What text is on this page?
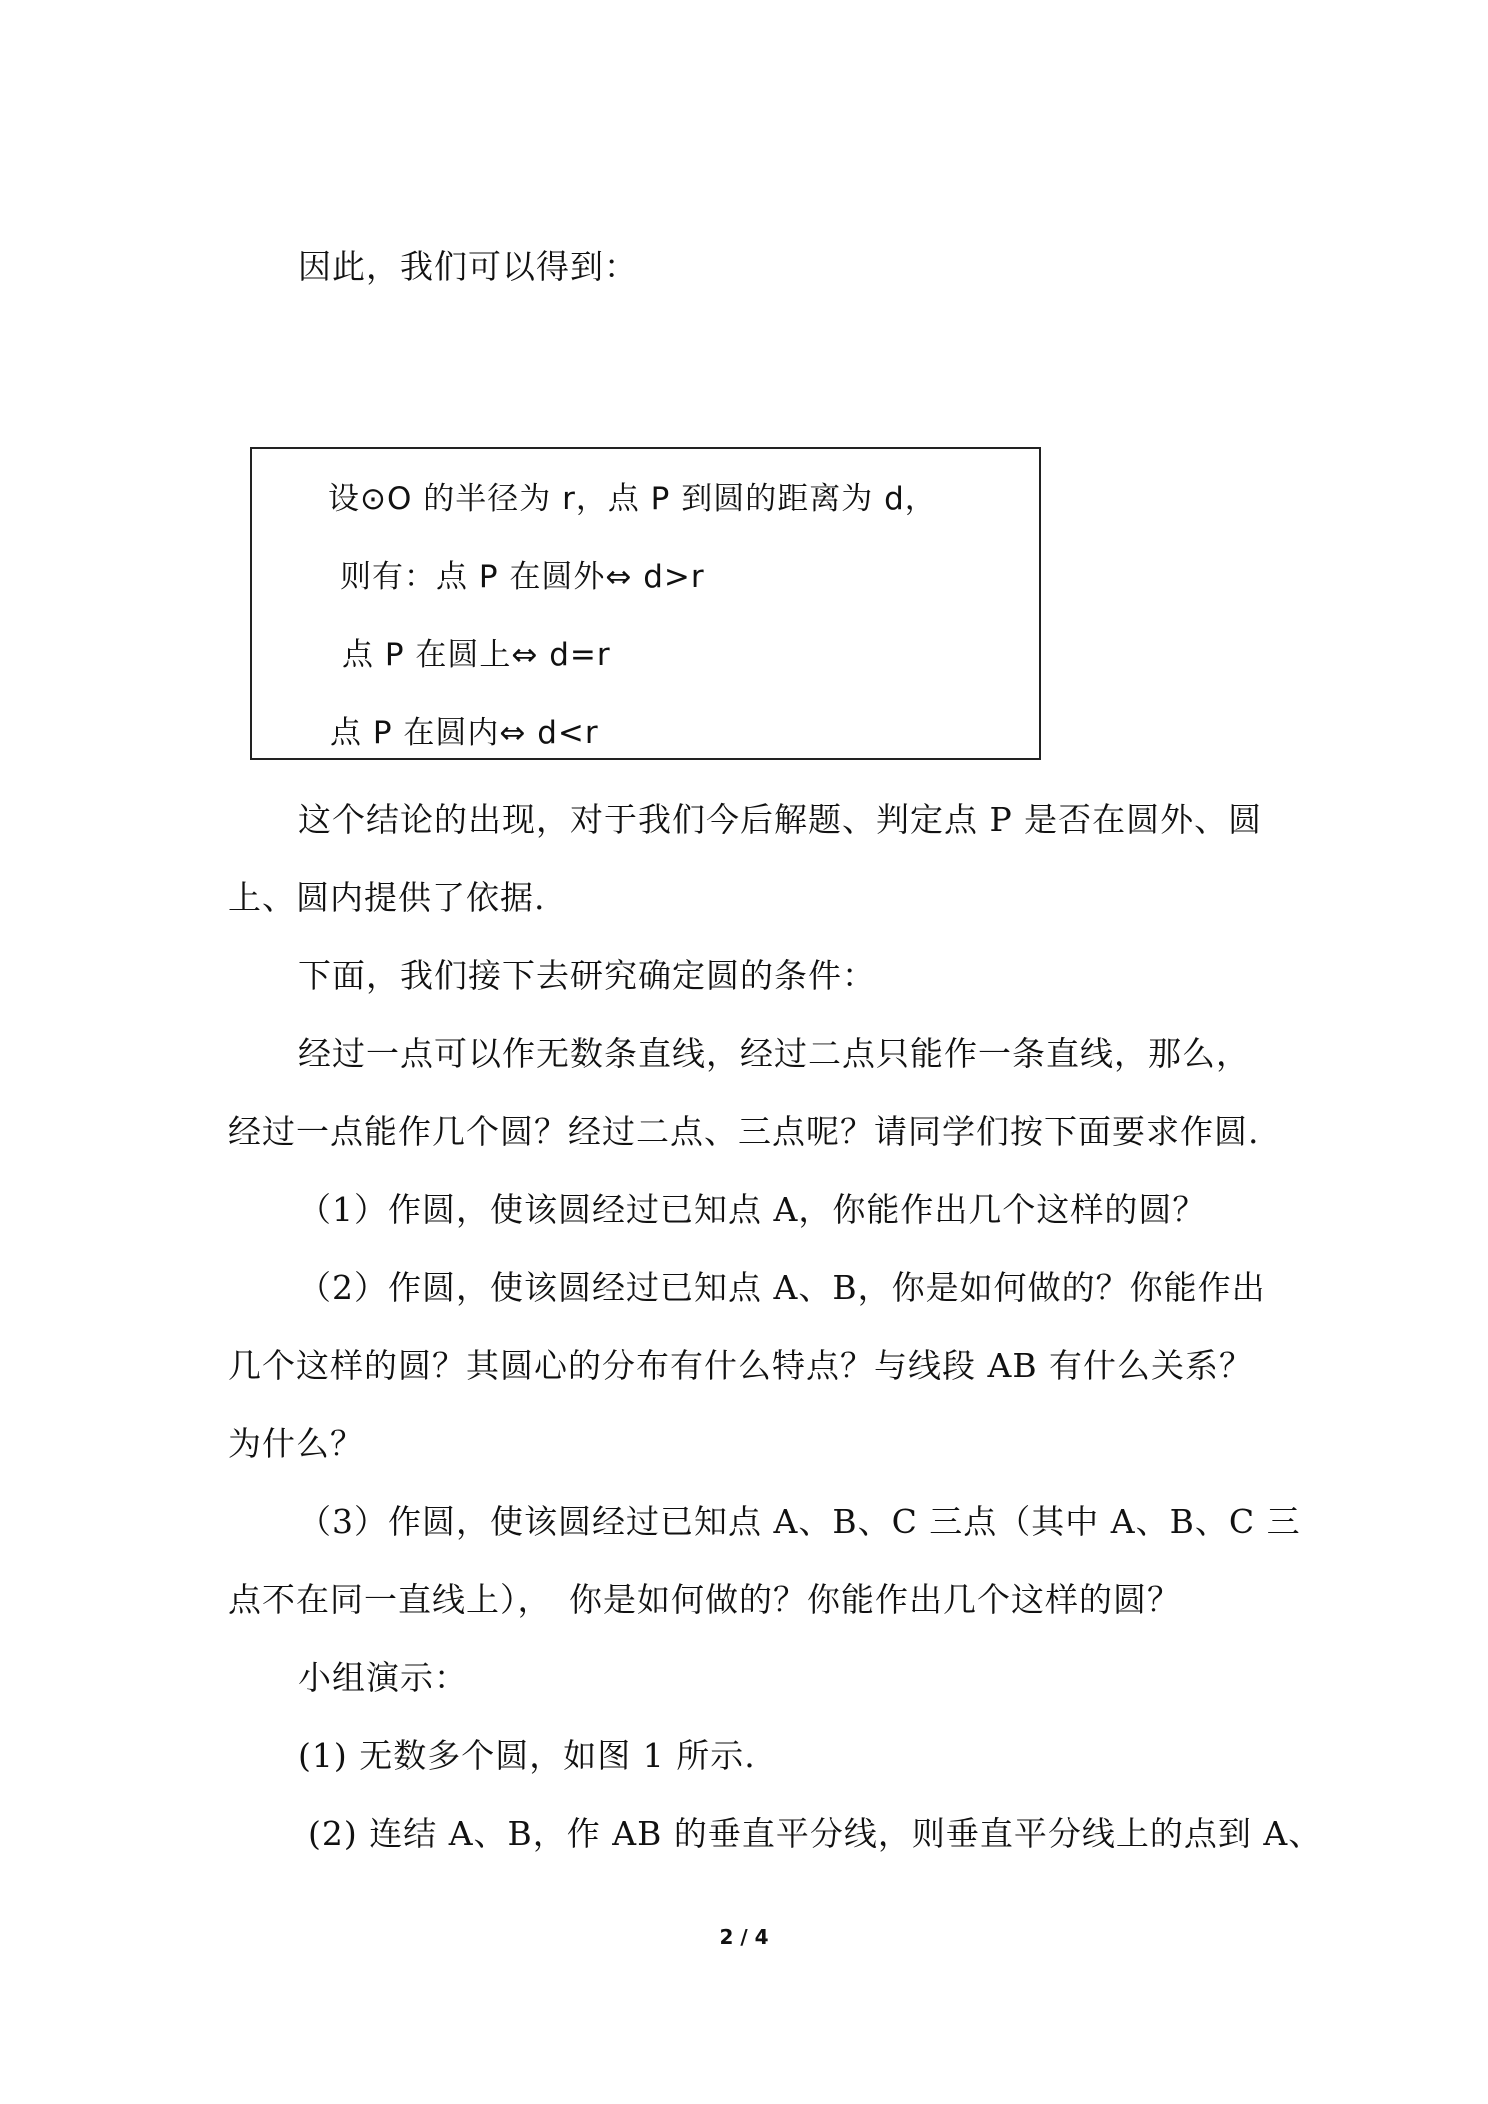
因此，我们可以得到：
设⊙O 的半径为 r，点 P 到圆的距离为 d，
则有：点 P 在圆外⇔ d>r
点 P 在圆上⇔ d=r
点 P 在圆内⇔ d<r
这个结论的出现，对于我们今后解题、判定点 P 是否在圆外、圆
上、圆内提供了依据.
下面，我们接下去研究确定圆的条件：
经过一点可以作无数条直线，经过二点只能作一条直线，那么，
经过一点能作几个圆？经过二点、三点呢？请同学们按下面要求作圆.
（1）作圆，使该圆经过已知点 A，你能作出几个这样的圆？
（2）作圆，使该圆经过已知点 A、B，你是如何做的？你能作出
几个这样的圆？其圆心的分布有什么特点？与线段 AB 有什么关系？
为什么？
（3）作圆，使该圆经过已知点 A、B、C 三点（其中 A、B、C 三
点不在同一直线上），　你是如何做的？你能作出几个这样的圆？
小组演示：
(1) 无数多个圆，如图 1 所示.
(2) 连结 A、B，作 AB 的垂直平分线，则垂直平分线上的点到 A、
2 / 4
